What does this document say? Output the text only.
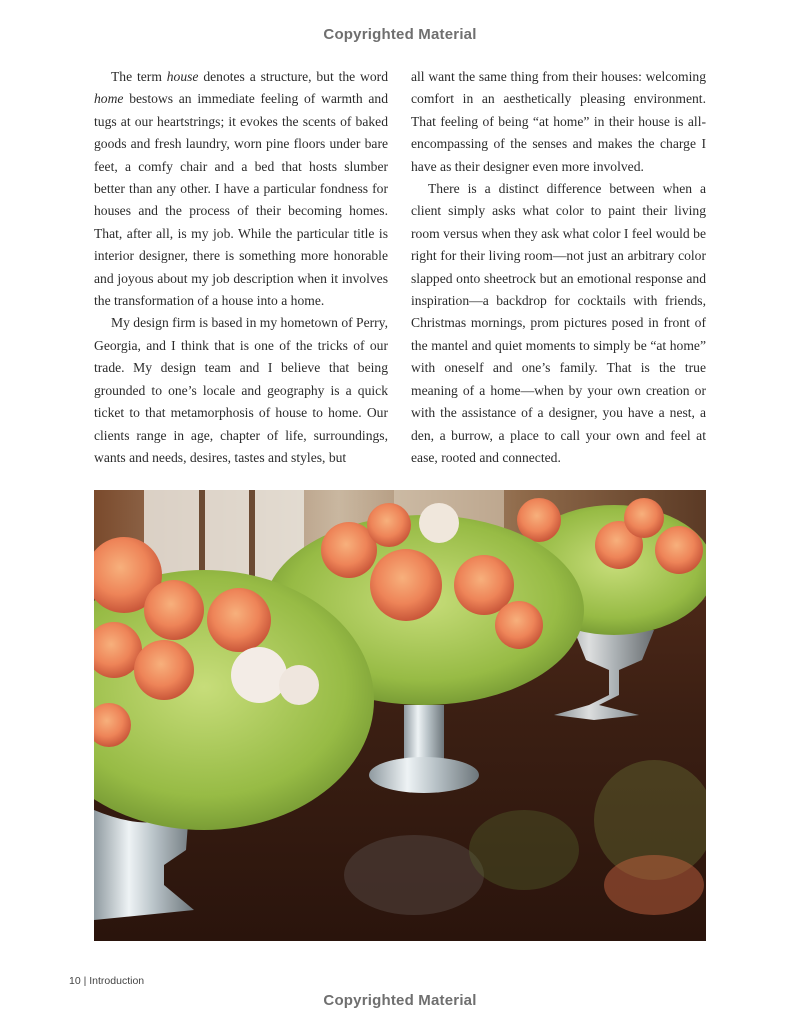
Copyrighted Material

The term house denotes a structure, but the word home bestows an immediate feeling of warmth and tugs at our heartstrings; it evokes the scents of baked goods and fresh laundry, worn pine floors under bare feet, a comfy chair and a bed that hosts slumber better than any other. I have a particular fondness for houses and the process of their becoming homes. That, after all, is my job. While the particular title is interior designer, there is something more honorable and joyous about my job description when it involves the transformation of a house into a home.

My design firm is based in my hometown of Perry, Georgia, and I think that is one of the tricks of our trade. My design team and I believe that being grounded to one’s locale and geography is a quick ticket to that metamorphosis of house to home. Our clients range in age, chapter of life, surroundings, wants and needs, desires, tastes and styles, but

all want the same thing from their houses: welcoming comfort in an aesthetically pleasing environment. That feeling of being “at home” in their house is all-encompassing of the senses and makes the charge I have as their designer even more involved.

There is a distinct difference between when a client simply asks what color to paint their living room versus when they ask what color I feel would be right for their living room—not just an arbitrary color slapped onto sheetrock but an emotional response and inspiration—a backdrop for cocktails with friends, Christmas mornings, prom pictures posed in front of the mantel and quiet moments to simply be “at home” with oneself and one’s family. That is the true meaning of a home—when by your own creation or with the assistance of a designer, you have a nest, a den, a burrow, a place to call your own and feel at ease, rooted and connected.

10 | Introduction
Copyrighted Material
